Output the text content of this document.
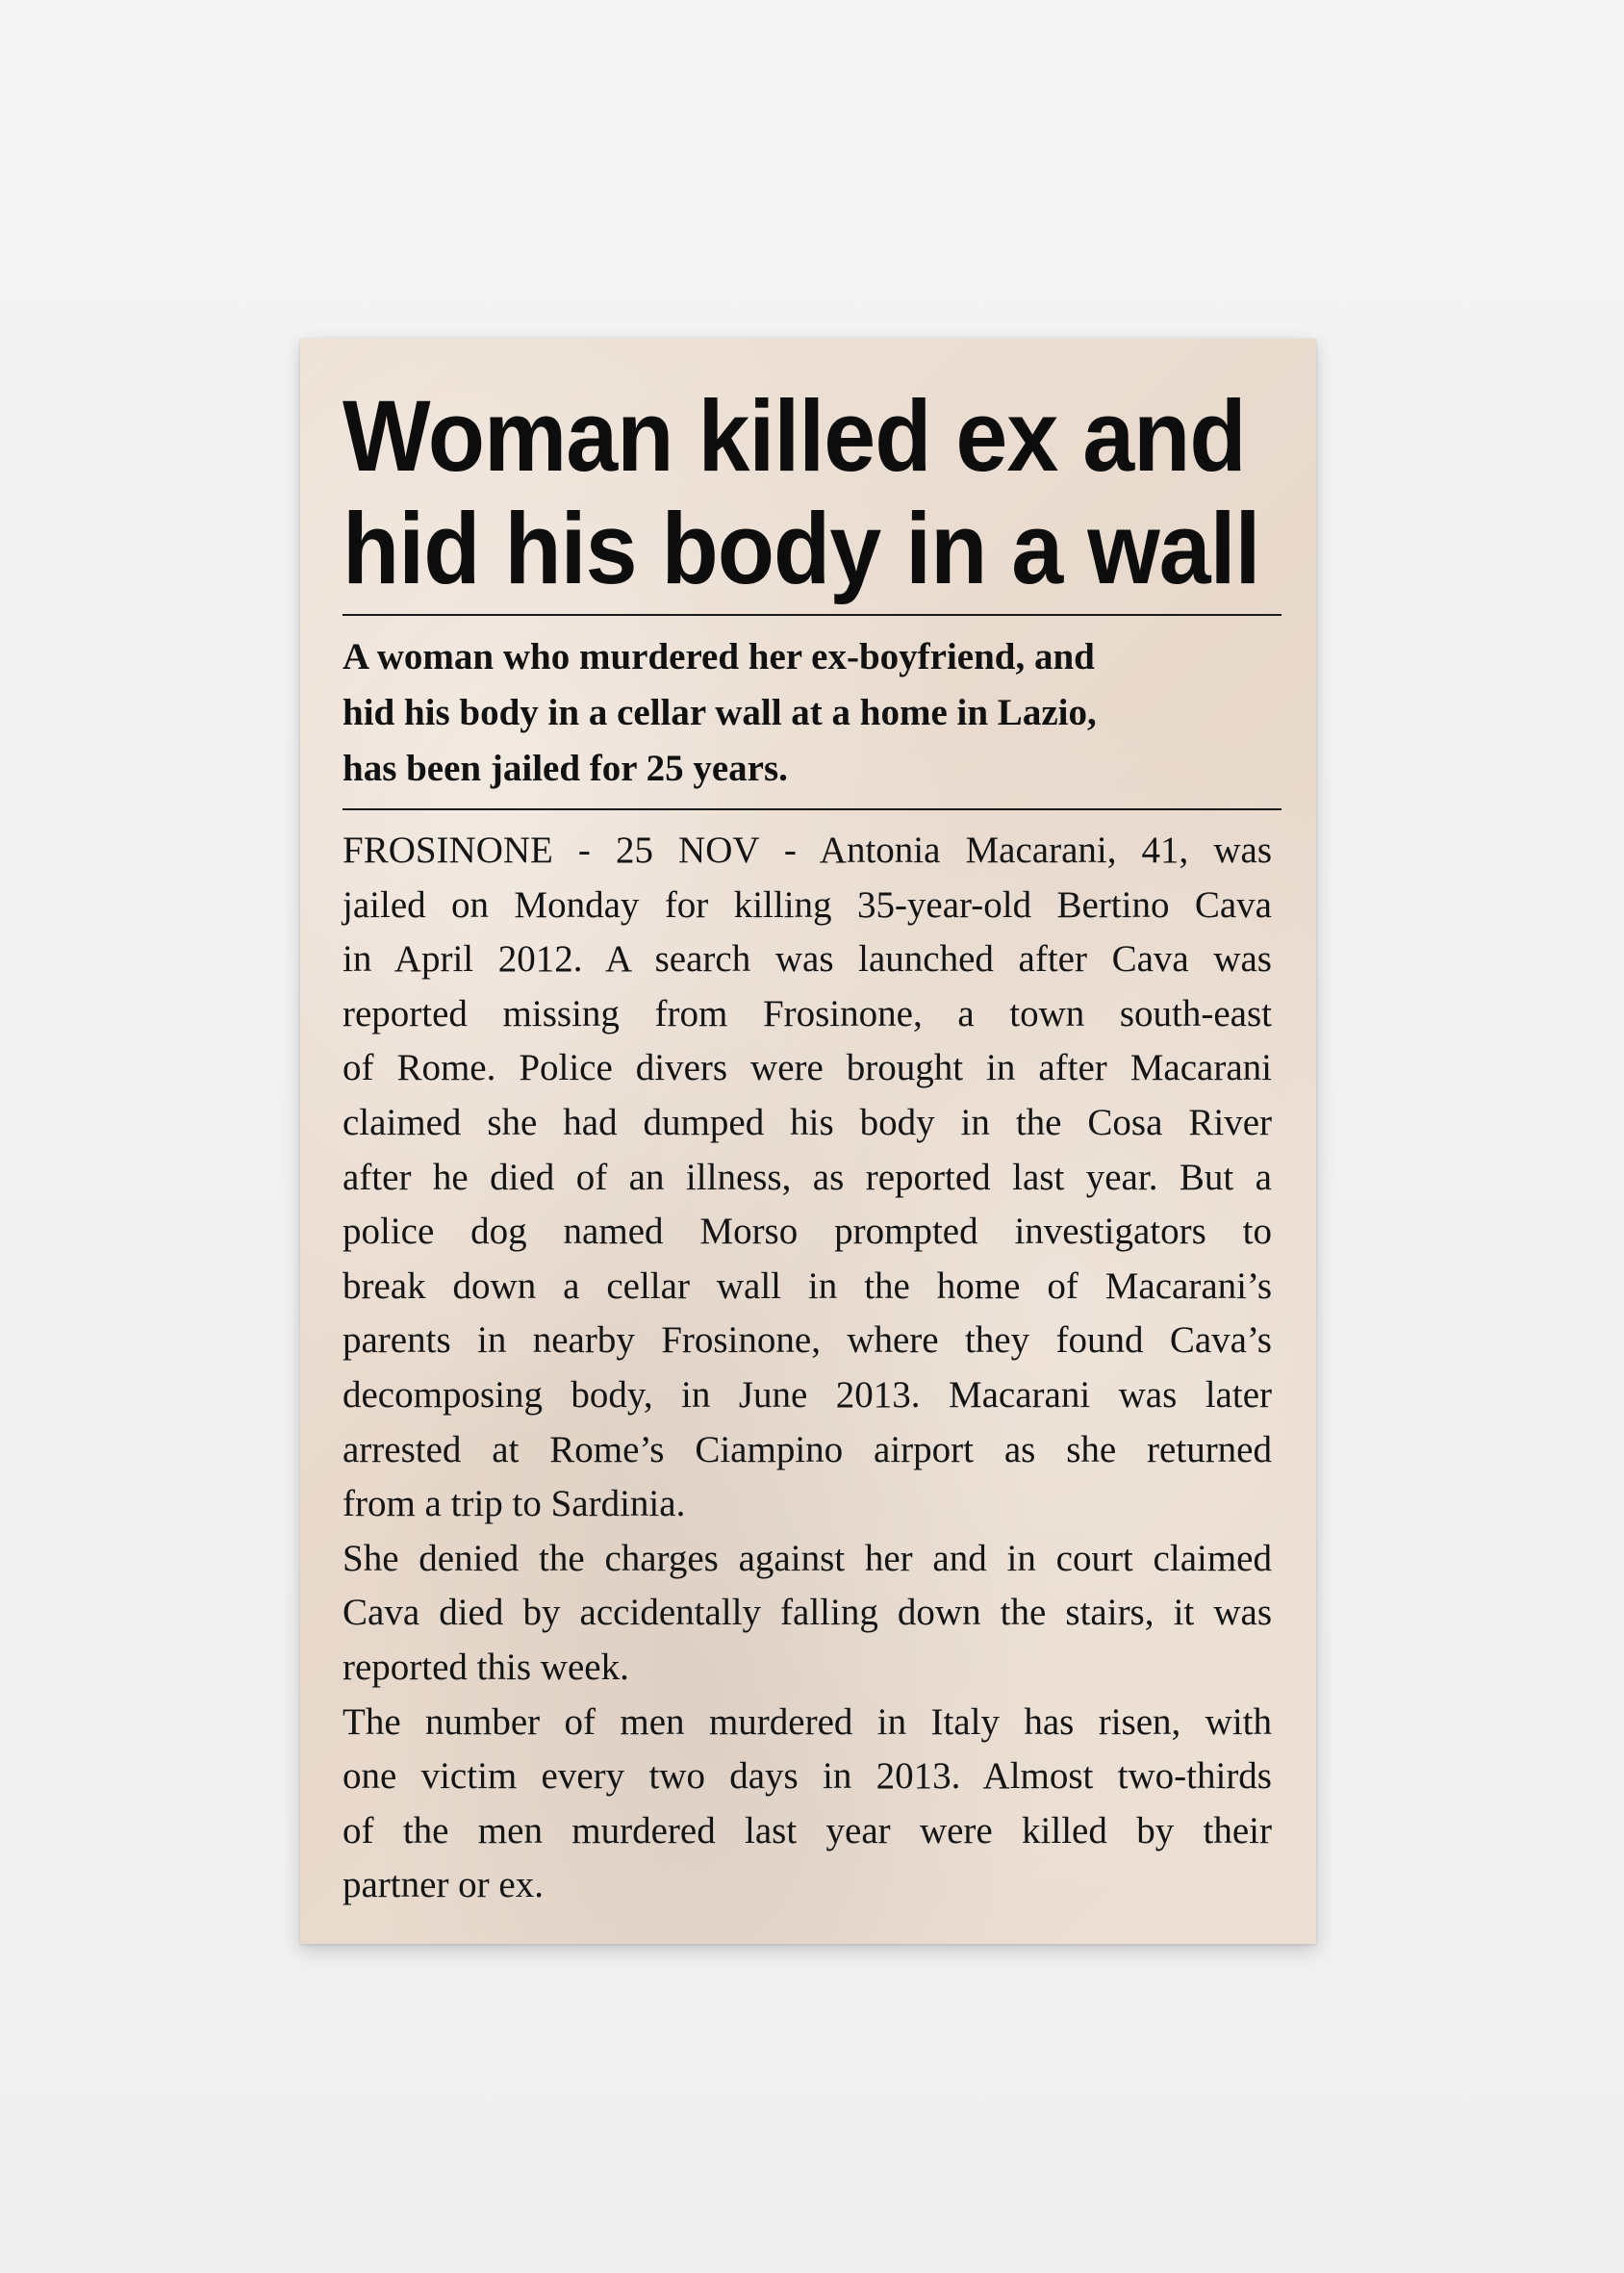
Woman killed ex and
hid his body in a wall
A woman who murdered her ex-boyfriend, and
hid his body in a cellar wall at a home in Lazio,
has been jailed for 25 years.
FROSINONE - 25 NOV - Antonia Macarani, 41, was
jailed on Monday for killing 35-year-old Bertino Cava
in April 2012. A search was launched after Cava was
reported missing from Frosinone, a town south-east
of Rome. Police divers were brought in after Macarani
claimed she had dumped his body in the Cosa River
after he died of an illness, as reported last year. But a
police dog named Morso prompted investigators to
break down a cellar wall in the home of Macarani’s
parents in nearby Frosinone, where they found Cava’s
decomposing body, in June 2013. Macarani was later
arrested at Rome’s Ciampino airport as she returned
from a trip to Sardinia.
She denied the charges against her and in court claimed
Cava died by accidentally falling down the stairs, it was
reported this week.
The number of men murdered in Italy has risen, with
one victim every two days in 2013. Almost two-thirds
of the men murdered last year were killed by their
partner or ex.
